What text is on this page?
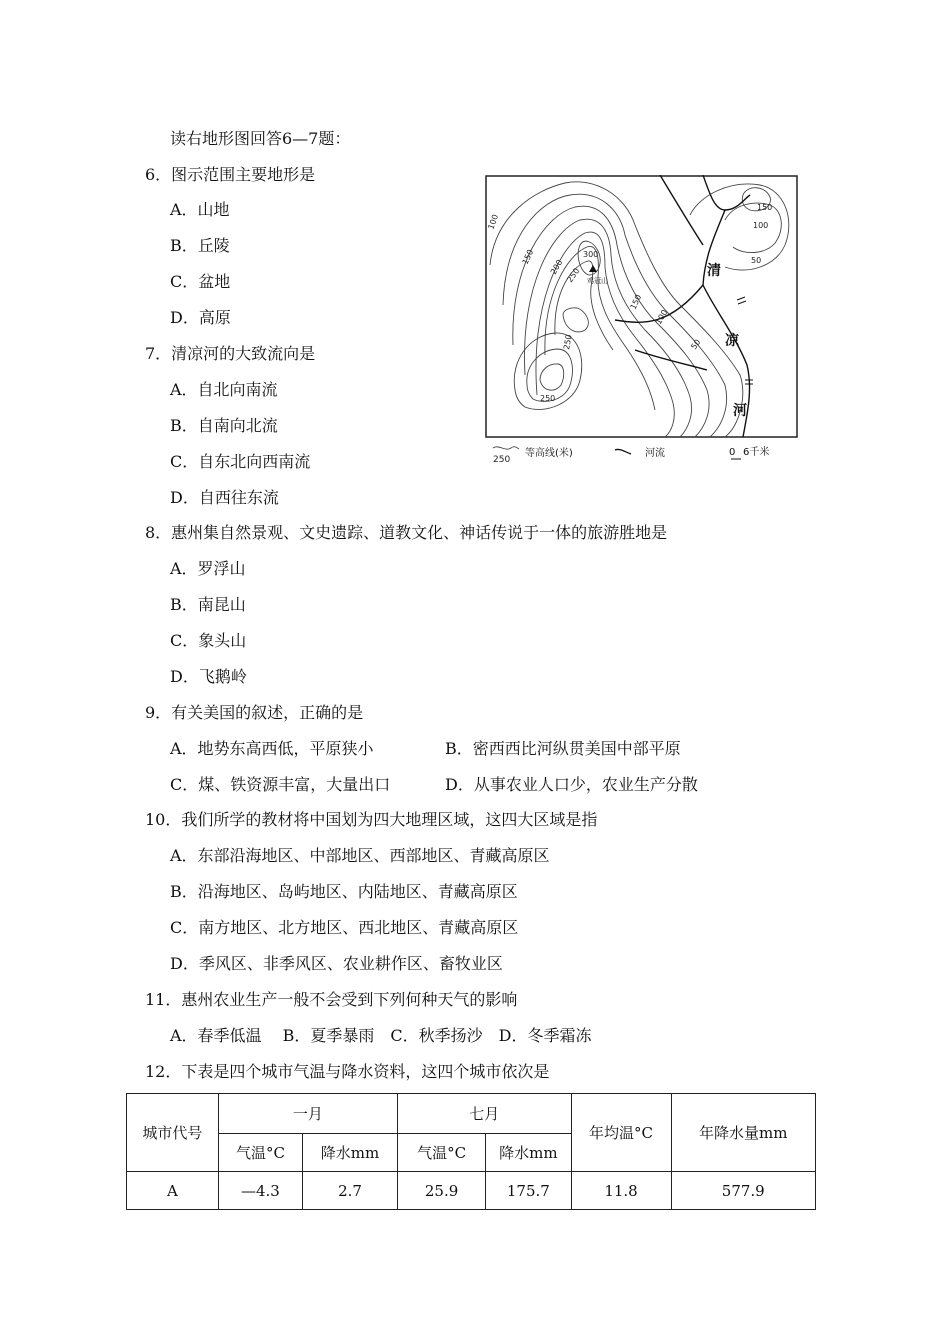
读右地形图回答6—7题：
6．图示范围主要地形是
A．山地
B．丘陵
C．盆地
D．高原
7．清凉河的大致流向是
A．自北向南流
B．自南向北流
C．自东北向西南流
D．自西往东流
100
150
200 250
300
鸡冠山
250
250
150
100
50
150
100
50
清
凉
河
250
等高线(米)	河流	0 6千米
8．惠州集自然景观、文史遗踪、道教文化、神话传说于一体的旅游胜地是
A．罗浮山
B．南昆山
C．象头山
D．飞鹅岭
9．有关美国的叙述，正确的是
A．地势东高西低，平原狭小	B．密西西比河纵贯美国中部平原
C．煤、铁资源丰富，大量出口	D．从事农业人口少，农业生产分散
10．我们所学的教材将中国划为四大地理区域，这四大区域是指
A．东部沿海地区、中部地区、西部地区、青藏高原区
B．沿海地区、岛屿地区、内陆地区、青藏高原区
C．南方地区、北方地区、西北地区、青藏高原区
D．季风区、非季风区、农业耕作区、畜牧业区
11．惠州农业生产一般不会受到下列何种天气的影响
A．春季低温　 B．夏季暴雨　C．秋季扬沙　D．冬季霜冻
12．下表是四个城市气温与降水资料，这四个城市依次是
城市代号	一月		七月		年均温°C	年降水量mm
	气温°C	降水mm	气温°C	降水mm		
A	—4.3	2.7	25.9	175.7	11.8	577.9
